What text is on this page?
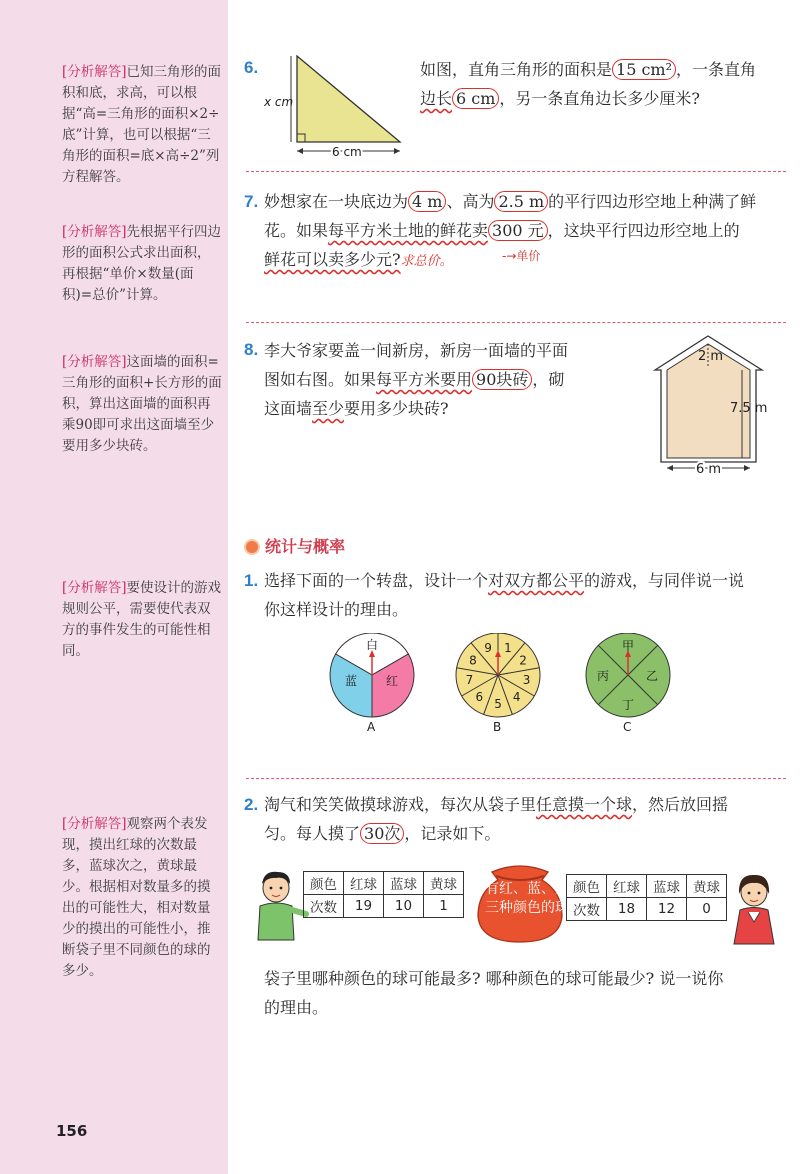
[分析解答]已知三角形的面积和底，求高，可以根据“高=三角形的面积×2÷底”计算，也可以根据“三角形的面积=底×高÷2”列方程解答。
[分析解答]先根据平行四边形的面积公式求出面积，再根据“单价×数量(面积)=总价”计算。
[分析解答]这面墙的面积=三角形的面积+长方形的面积，算出这面墙的面积再乘90即可求出这面墙至少要用多少块砖。
[分析解答]要使设计的游戏规则公平，需要使代表双方的事件发生的可能性相同。
[分析解答]观察两个表发现，摸出红球的次数最多，蓝球次之，黄球最少。根据相对数量多的摸出的可能性大，相对数量少的摸出的可能性小，推断袋子里不同颜色的球的多少。
156
6.
x cm
6 cm
如图，直角三角形的面积是 15 cm² ，一条直角
边长 6 cm ，另一条直角边长多少厘米?
7. 妙想家在一块底边为 4 m 、高为 2.5 m 的平行四边形空地上种满了鲜
花。如果每平方米土地的鲜花卖 300 元 ，这块平行四边形空地上的
鲜花可以卖多少元?求总价。	-→单价
8. 李大爷家要盖一间新房，新房一面墙的平面
图如右图。如果每平方米要用 90块砖 ，砌
这面墙至少要用多少块砖?
2 m
7.5 m
6 m
统计与概率
1. 选择下面的一个转盘，设计一个对双方都公平的游戏，与同伴说一说
你这样设计的理由。
白
红
蓝
A
1
2
3
4
5
6
7
8
9
B
甲
乙
丁
丙
C
2. 淘气和笑笑做摸球游戏，每次从袋子里任意摸一个球，然后放回摇
匀。每人摸了 30次 ，记录如下。
颜色	红球	蓝球	黄球
次数	19	10	1
有红、蓝、黄三种颜色的球
颜色	红球	蓝球	黄球
次数	18	12	0
袋子里哪种颜色的球可能最多? 哪种颜色的球可能最少? 说一说你
的理由。
